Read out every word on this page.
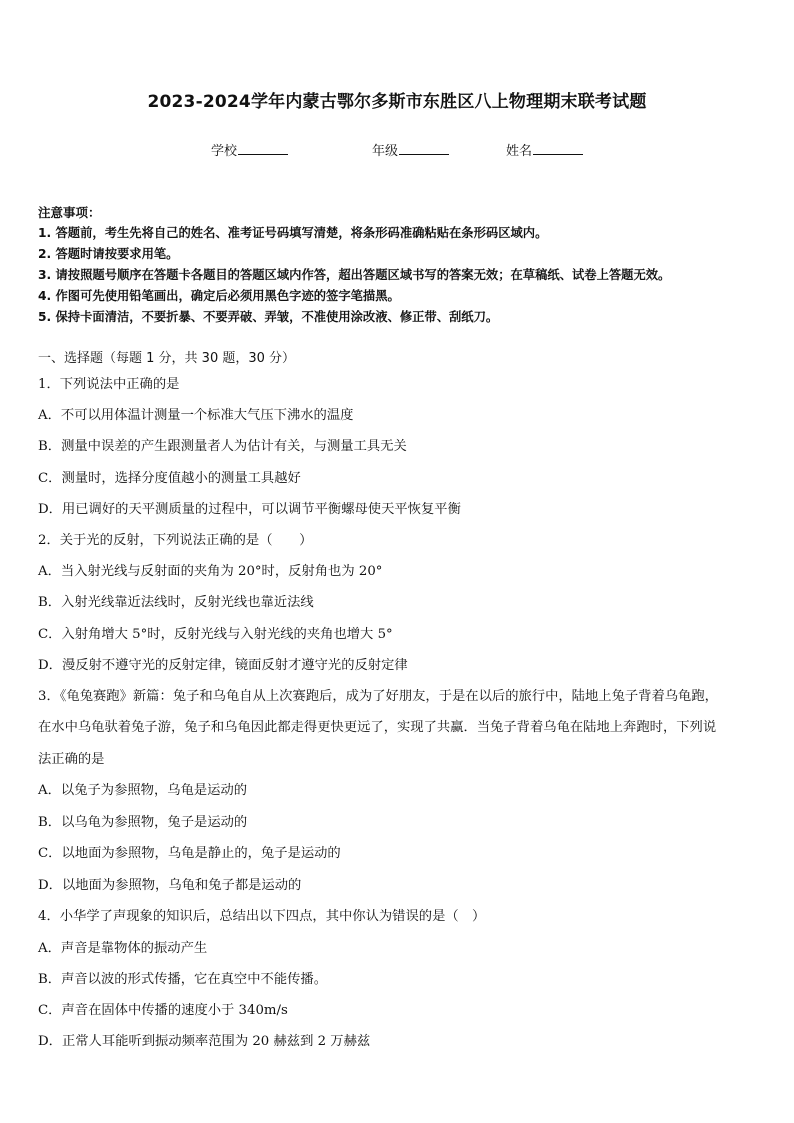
2023-2024学年内蒙古鄂尔多斯市东胜区八上物理期末联考试题
学校	年级	姓名
注意事项：
1. 答题前，考生先将自己的姓名、准考证号码填写清楚，将条形码准确粘贴在条形码区域内。
2. 答题时请按要求用笔。
3. 请按照题号顺序在答题卡各题目的答题区域内作答，超出答题区域书写的答案无效；在草稿纸、试卷上答题无效。
4. 作图可先使用铅笔画出，确定后必须用黑色字迹的签字笔描黑。
5. 保持卡面清洁，不要折暴、不要弄破、弄皱，不准使用涂改液、修正带、刮纸刀。
一、选择题（每题 1 分，共 30 题，30 分）
1．下列说法中正确的是
A．不可以用体温计测量一个标准大气压下沸水的温度
B．测量中误差的产生跟测量者人为估计有关，与测量工具无关
C．测量时，选择分度值越小的测量工具越好
D．用已调好的天平测质量的过程中，可以调节平衡螺母使天平恢复平衡
2．关于光的反射，下列说法正确的是（　　）
A．当入射光线与反射面的夹角为 20°时，反射角也为 20°
B．入射光线靠近法线时，反射光线也靠近法线
C．入射角增大 5°时，反射光线与入射光线的夹角也增大 5°
D．漫反射不遵守光的反射定律，镜面反射才遵守光的反射定律
3．《龟兔赛跑》新篇：兔子和乌龟自从上次赛跑后，成为了好朋友，于是在以后的旅行中，陆地上兔子背着乌龟跑，
在水中乌龟驮着兔子游，兔子和乌龟因此都走得更快更远了，实现了共赢．当兔子背着乌龟在陆地上奔跑时，下列说
法正确的是
A．以兔子为参照物，乌龟是运动的
B．以乌龟为参照物，兔子是运动的
C．以地面为参照物，乌龟是静止的，兔子是运动的
D．以地面为参照物，乌龟和兔子都是运动的
4．小华学了声现象的知识后，总结出以下四点，其中你认为错误的是（　）
A．声音是靠物体的振动产生
B．声音以波的形式传播，它在真空中不能传播。
C．声音在固体中传播的速度小于 340m/s
D．正常人耳能听到振动频率范围为 20 赫兹到 2 万赫兹
